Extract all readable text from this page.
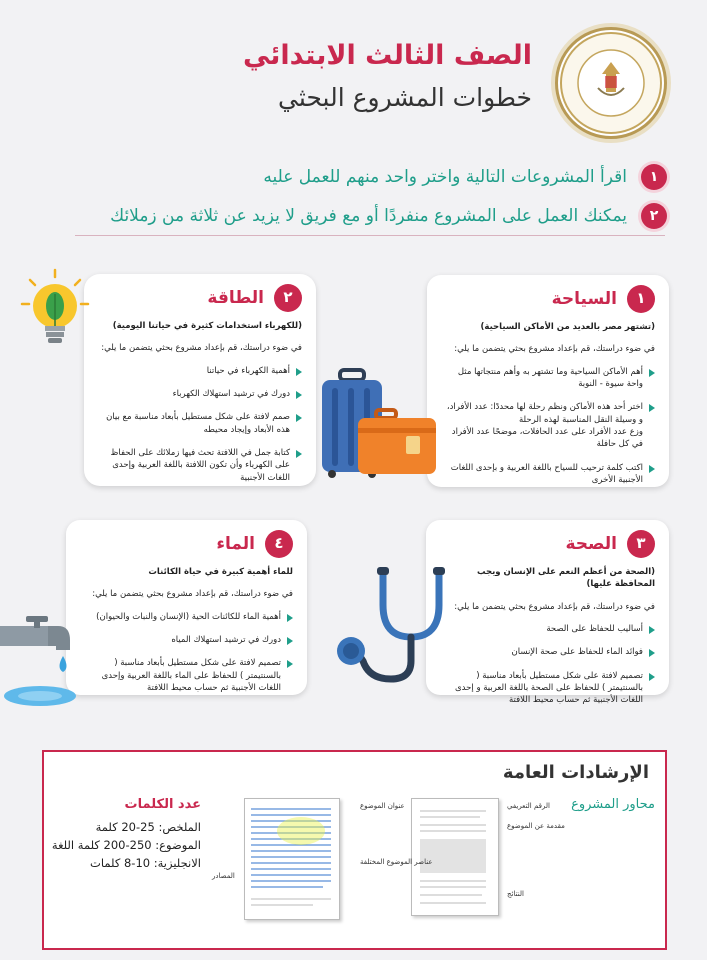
الصف الثالث الابتدائي
خطوات المشروع البحثي
١
اقرأ المشروعات التالية واختر واحد منهم للعمل عليه
٢
يمكنك العمل على المشروع منفردًا أو مع فريق لا يزيد عن ثلاثة من زملائك
١
السياحة
(تشتهر مصر بالعديد من الأماكن السياحية)
في ضوء دراستك، قم بإعداد مشروع بحثي يتضمن ما يلي:
أهم الأماكن السياحية وما تشتهر به وأهم منتجاتها مثل واحة سيوة - النوبة
اختر أحد هذه الأماكن ونظم رحلة لها محددًا: عدد الأفراد، و وسيلة النقل المناسبة لهذه الرحلة
وزع عدد الأفراد على عدد الحافلات، موضحًا عدد الأفراد في كل حافلة
اكتب كلمة ترحيب للسياح باللغة العربية و بإحدى اللغات الأجنبية الأخرى
٢
الطاقة
(للكهرباء استخدامات كثيرة في حياتنا اليومية)
في ضوء دراستك، قم بإعداد مشروع بحثي يتضمن ما يلي:
أهمية الكهرباء في حياتنا
دورك في ترشيد استهلاك الكهرباء
صمم لافتة على شكل مستطيل بأبعاد مناسبة مع بيان هذه الأبعاد وإيجاد محيطه
كتابة جمل في اللافتة تحث فيها زملائك على الحفاظ على الكهرباء وأن تكون اللافتة باللغة العربية وإحدى اللغات الأجنبية
٣
الصحة
(الصحة من أعظم النعم على الإنسان ويجب المحافظة عليها)
في ضوء دراستك، قم بإعداد مشروع بحثي يتضمن ما يلي:
أساليب للحفاظ على الصحة
فوائد الماء للحفاظ على صحة الإنسان
تصميم لافتة على شكل مستطيل بأبعاد مناسبة ( بالسنتيمتر ) للحفاظ على الصحة باللغة العربية و إحدى اللغات الأجنبية ثم حساب محيط اللافتة
٤
الماء
للماء أهمية كبيرة في حياة الكائنات
في ضوء دراستك، قم بإعداد مشروع بحثي يتضمن ما يلي:
أهمية الماء للكائنات الحية (الإنسان والنبات والحيوان)
دورك في ترشيد استهلاك المياه
تصميم لافتة على شكل مستطيل بأبعاد مناسبة ( بالسنتيمتر ) للحفاظ على الماء باللغة العربية وإحدى اللغات الأجنبية ثم حساب محيط اللافتة
الإرشادات العامة
محاور المشروع
عدد الكلمات
الملخص: 25-20 كلمة
الموضوع: 250-200 كلمة اللغة
الانجليزية: 10-8 كلمات
الرقم التعريفي
مقدمة عن الموضوع
عنوان الموضوع
عناصر الموضوع المختلفة
النتائج
المصادر
